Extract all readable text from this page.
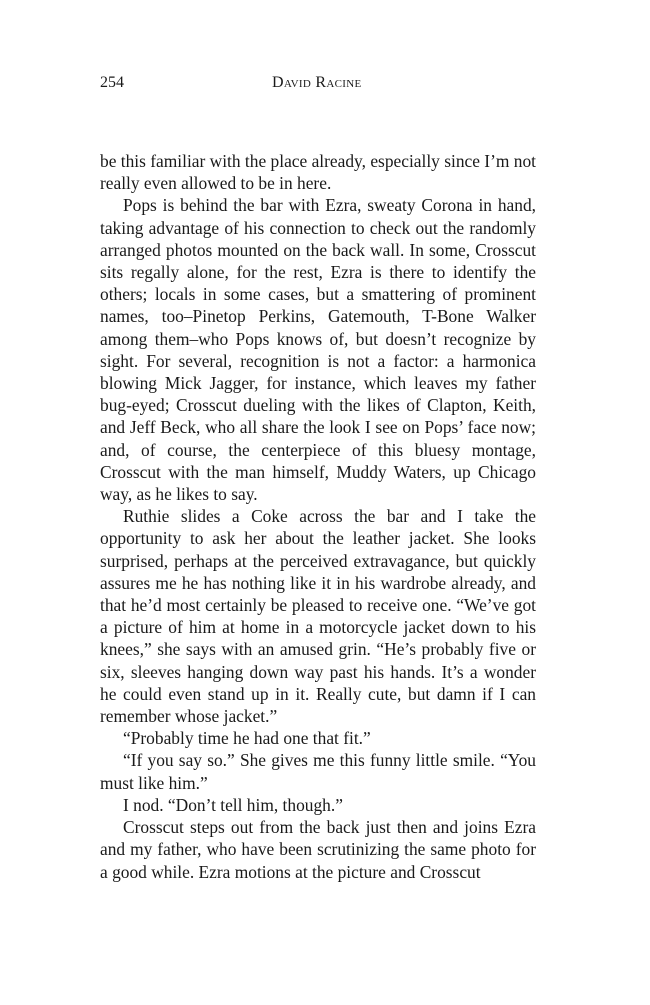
254	David Racine

be this familiar with the place already, especially since I’m not really even allowed to be in here.

Pops is behind the bar with Ezra, sweaty Corona in hand, taking advantage of his connection to check out the randomly arranged photos mounted on the back wall. In some, Crosscut sits regally alone, for the rest, Ezra is there to identify the others; locals in some cases, but a smattering of prominent names, too–Pinetop Perkins, Gatemouth, T-Bone Walker among them–who Pops knows of, but doesn’t recognize by sight. For several, recognition is not a factor: a harmonica blowing Mick Jagger, for instance, which leaves my father bug-eyed; Crosscut dueling with the likes of Clapton, Keith, and Jeff Beck, who all share the look I see on Pops’ face now; and, of course, the centerpiece of this bluesy montage, Crosscut with the man himself, Muddy Waters, up Chicago way, as he likes to say.

Ruthie slides a Coke across the bar and I take the opportunity to ask her about the leather jacket. She looks surprised, perhaps at the perceived extravagance, but quickly assures me he has nothing like it in his wardrobe already, and that he’d most certainly be pleased to receive one. “We’ve got a picture of him at home in a motorcycle jacket down to his knees,” she says with an amused grin. “He’s probably five or six, sleeves hanging down way past his hands. It’s a wonder he could even stand up in it. Really cute, but damn if I can remember whose jacket.”

“Probably time he had one that fit.”

“If you say so.” She gives me this funny little smile. “You must like him.”

I nod. “Don’t tell him, though.”

Crosscut steps out from the back just then and joins Ezra and my father, who have been scrutinizing the same photo for a good while. Ezra motions at the picture and Crosscut
